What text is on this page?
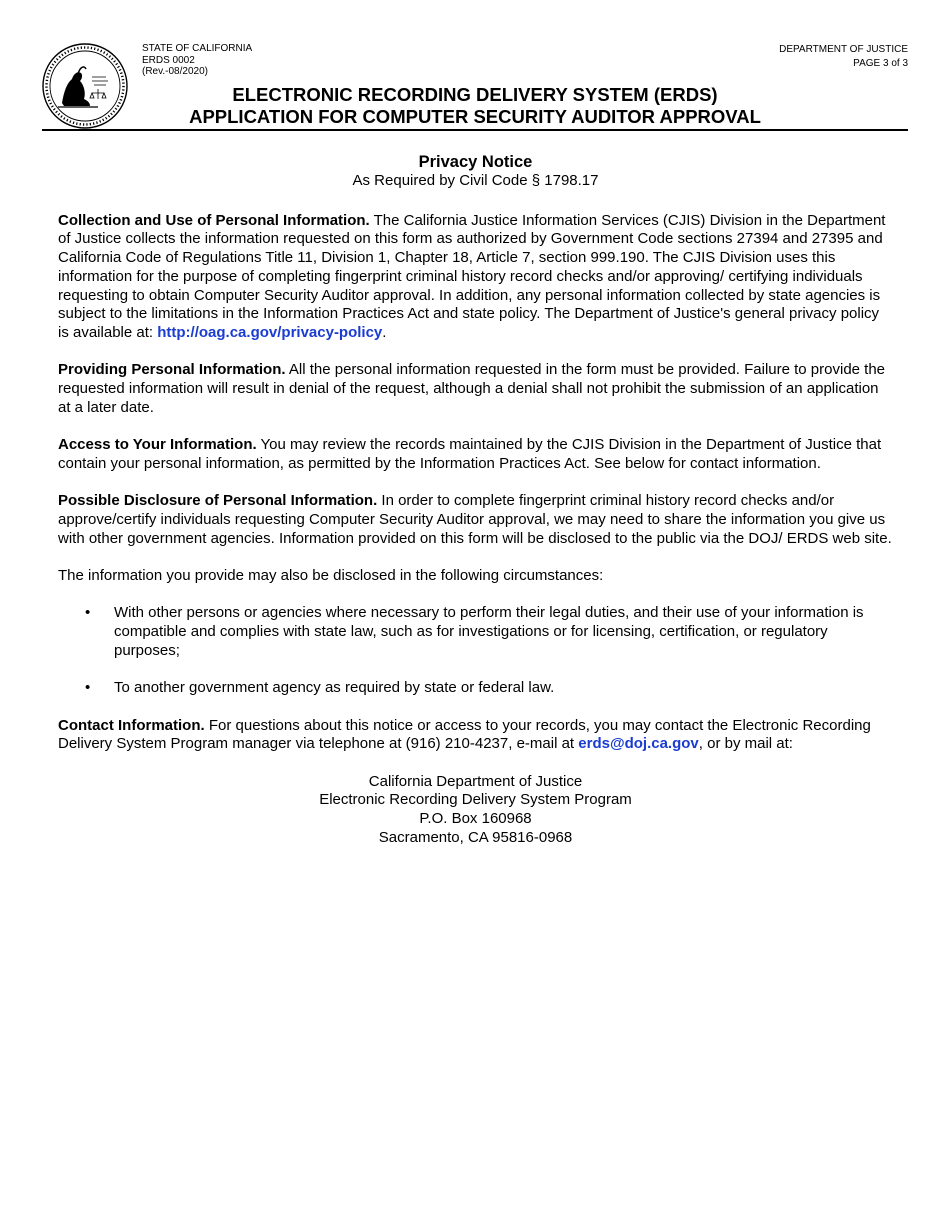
STATE OF CALIFORNIA
ERDS 0002
(Rev.-08/2020)
DEPARTMENT OF JUSTICE
PAGE 3 of 3
ELECTRONIC RECORDING DELIVERY SYSTEM (ERDS)
APPLICATION FOR COMPUTER SECURITY AUDITOR APPROVAL

Privacy Notice

As Required by Civil Code § 1798.17

Collection and Use of Personal Information. The California Justice Information Services (CJIS) Division in the Department of Justice collects the information requested on this form as authorized by Government Code sections 27394 and 27395 and California Code of Regulations Title 11, Division 1, Chapter 18, Article 7, section 999.190. The CJIS Division uses this information for the purpose of completing fingerprint criminal history record checks and/or approving/ certifying individuals requesting to obtain Computer Security Auditor approval. In addition, any personal information collected by state agencies is subject to the limitations in the Information Practices Act and state policy. The Department of Justice's general privacy policy is available at: http://oag.ca.gov/privacy-policy.

Providing Personal Information. All the personal information requested in the form must be provided. Failure to provide the requested information will result in denial of the request, although a denial shall not prohibit the submission of an application at a later date.

Access to Your Information. You may review the records maintained by the CJIS Division in the Department of Justice that contain your personal information, as permitted by the Information Practices Act. See below for contact information.

Possible Disclosure of Personal Information. In order to complete fingerprint criminal history record checks and/or approve/certify individuals requesting Computer Security Auditor approval, we may need to share the information you give us with other government agencies. Information provided on this form will be disclosed to the public via the DOJ/ ERDS web site.

The information you provide may also be disclosed in the following circumstances:

• With other persons or agencies where necessary to perform their legal duties, and their use of your information is compatible and complies with state law, such as for investigations or for licensing, certification, or regulatory purposes;
• To another government agency as required by state or federal law.

Contact Information. For questions about this notice or access to your records, you may contact the Electronic Recording Delivery System Program manager via telephone at (916) 210-4237, e-mail at erds@doj.ca.gov, or by mail at:

California Department of Justice
Electronic Recording Delivery System Program
P.O. Box 160968
Sacramento, CA 95816-0968
